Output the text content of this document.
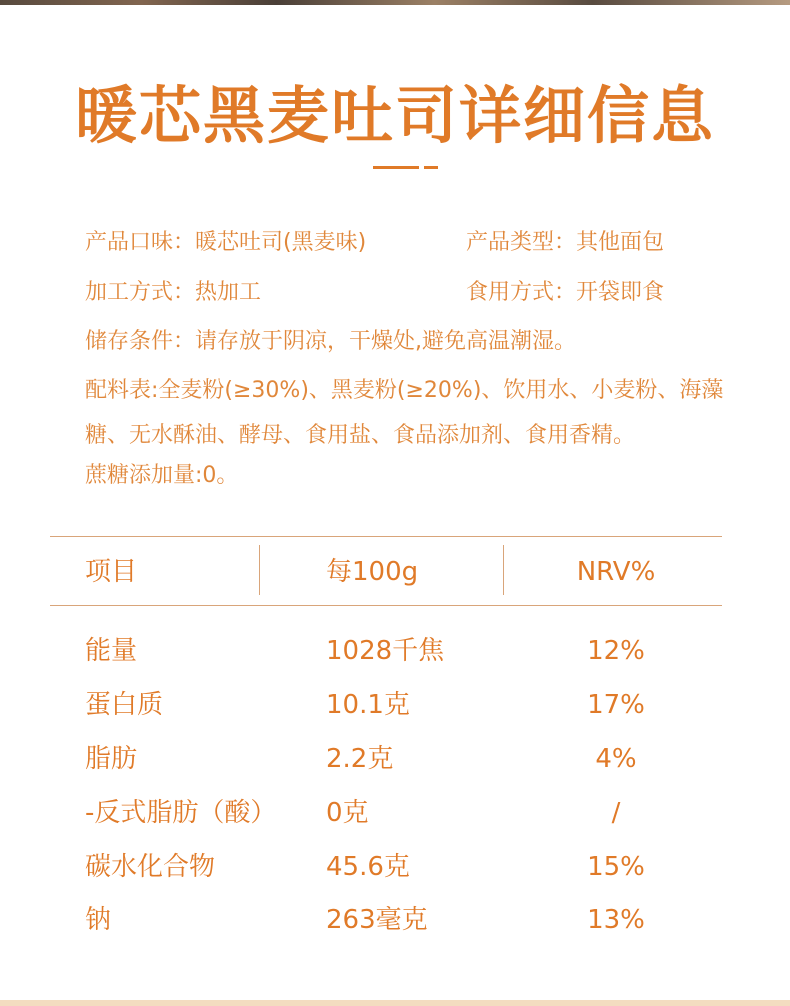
暖芯黑麦吐司详细信息
产品口味：暖芯吐司(黑麦味)	产品类型：其他面包
加工方式：热加工	食用方式：开袋即食
储存条件：请存放于阴凉，干燥处,避免高温潮湿。
配料表:全麦粉(≥30%)、黑麦粉(≥20%)、饮用水、小麦粉、海藻糖、无水酥油、酵母、食用盐、食品添加剂、食用香精。
蔗糖添加量:0。
项目	每100g	NRV%
能量	1028千焦	12%
蛋白质	10.1克	17%
脂肪	2.2克	4%
-反式脂肪（酸） 0克	/
碳水化合物	45.6克	15%
钠	263毫克	13%
